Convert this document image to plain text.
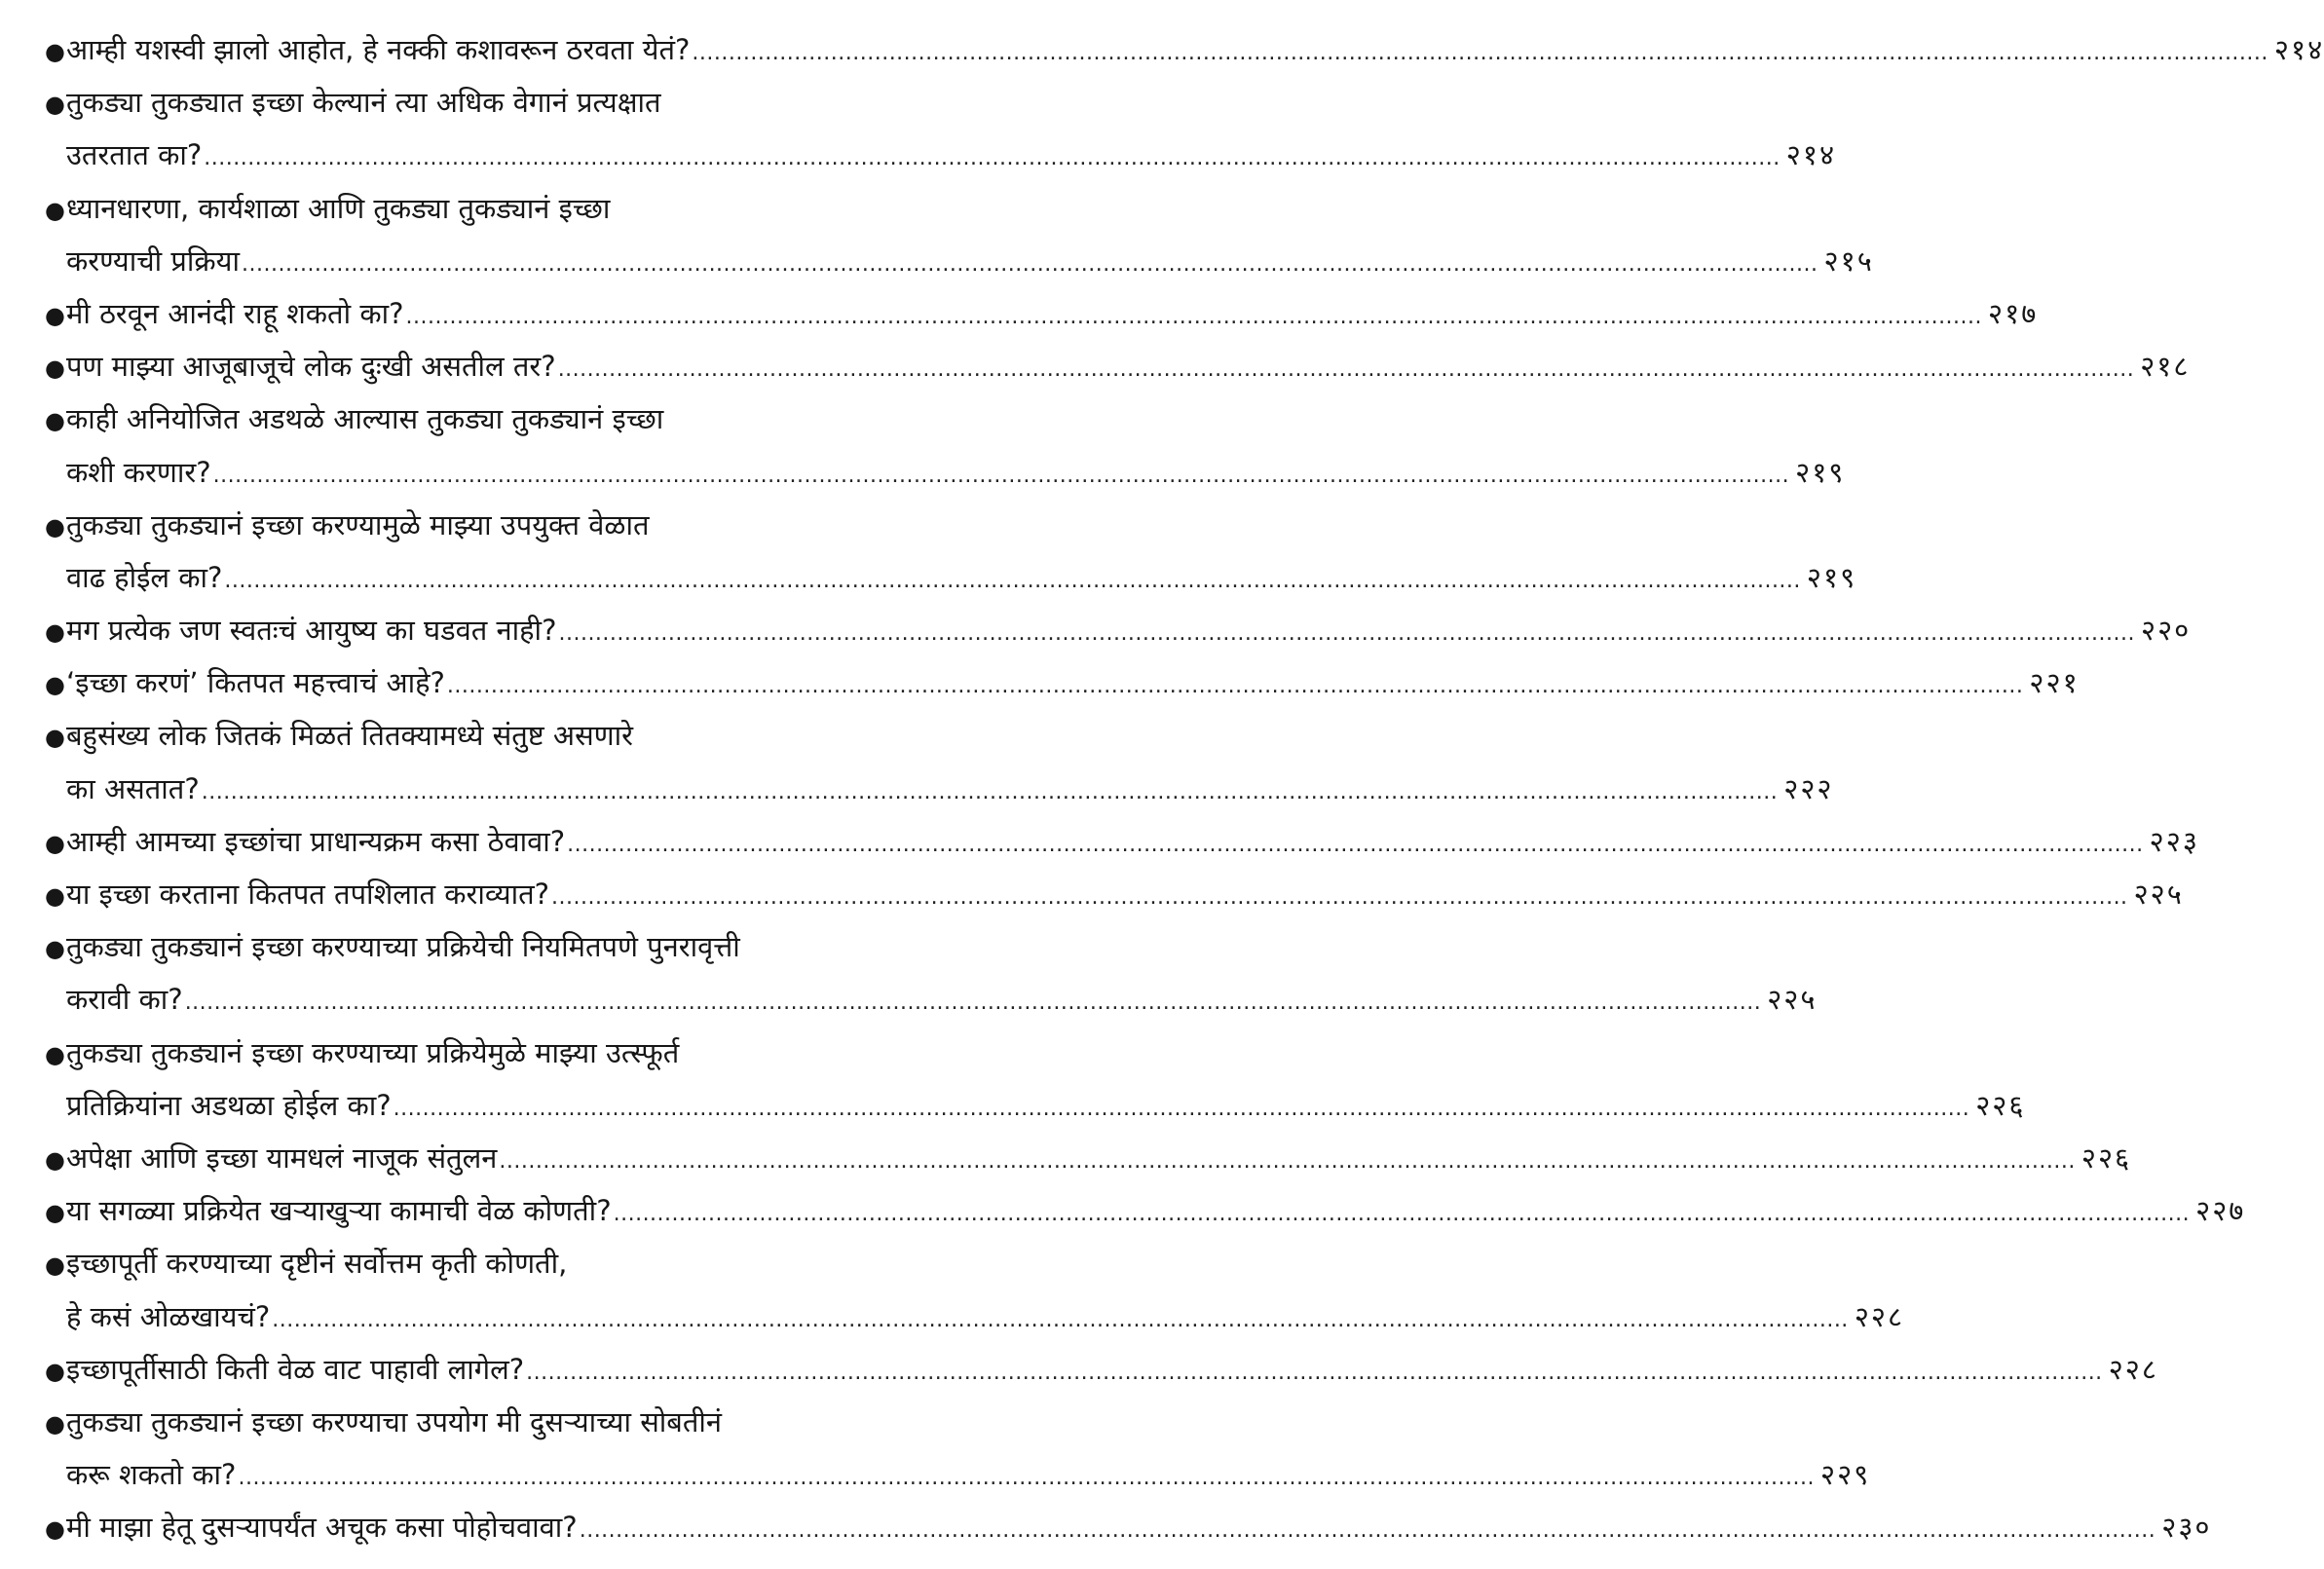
● आम्ही यशस्वी झालो आहोत, हे नक्की कशावरून ठरवता येतं? ........................................................................................................................................................................................................................ २१४
● तुकड्या तुकड्यात इच्छा केल्यानं त्या अधिक वेगानं प्रत्यक्षात
उतरतात का? ........................................................................................................................................................................................................................ २१४
● ध्यानधारणा, कार्यशाळा आणि तुकड्या तुकड्यानं इच्छा
करण्याची प्रक्रिया ........................................................................................................................................................................................................................ २१५
● मी ठरवून आनंदी राहू शकतो का? ........................................................................................................................................................................................................................ २१७
● पण माझ्या आजूबाजूचे लोक दुःखी असतील तर? ........................................................................................................................................................................................................................ २१८
● काही अनियोजित अडथळे आल्यास तुकड्या तुकड्यानं इच्छा
कशी करणार? ........................................................................................................................................................................................................................ २१९
● तुकड्या तुकड्यानं इच्छा करण्यामुळे माझ्या उपयुक्त वेळात
वाढ होईल का? ........................................................................................................................................................................................................................ २१९
● मग प्रत्येक जण स्वतःचं आयुष्य का घडवत नाही? ........................................................................................................................................................................................................................ २२०
● ‘इच्छा करणं’ कितपत महत्त्वाचं आहे? ........................................................................................................................................................................................................................ २२१
● बहुसंख्य लोक जितकं मिळतं तितक्यामध्ये संतुष्ट असणारे
का असतात? ........................................................................................................................................................................................................................ २२२
● आम्ही आमच्या इच्छांचा प्राधान्यक्रम कसा ठेवावा? ........................................................................................................................................................................................................................ २२३
● या इच्छा करताना कितपत तपशिलात कराव्यात? ........................................................................................................................................................................................................................ २२५
● तुकड्या तुकड्यानं इच्छा करण्याच्या प्रक्रियेची नियमितपणे पुनरावृत्ती
करावी का? ........................................................................................................................................................................................................................ २२५
● तुकड्या तुकड्यानं इच्छा करण्याच्या प्रक्रियेमुळे माझ्या उत्स्फूर्त
प्रतिक्रियांना अडथळा होईल का? ........................................................................................................................................................................................................................ २२६
● अपेक्षा आणि इच्छा यामधलं नाजूक संतुलन ........................................................................................................................................................................................................................ २२६
● या सगळ्या प्रक्रियेत खऱ्याखुऱ्या कामाची वेळ कोणती? ........................................................................................................................................................................................................................ २२७
● इच्छापूर्ती करण्याच्या दृष्टीनं सर्वोत्तम कृती कोणती,
हे कसं ओळखायचं? ........................................................................................................................................................................................................................ २२८
● इच्छापूर्तीसाठी किती वेळ वाट पाहावी लागेल? ........................................................................................................................................................................................................................ २२८
● तुकड्या तुकड्यानं इच्छा करण्याचा उपयोग मी दुसऱ्याच्या सोबतीनं
करू शकतो का? ........................................................................................................................................................................................................................ २२९
● मी माझा हेतू दुसऱ्यापर्यंत अचूक कसा पोहोचवावा? ........................................................................................................................................................................................................................ २३०
